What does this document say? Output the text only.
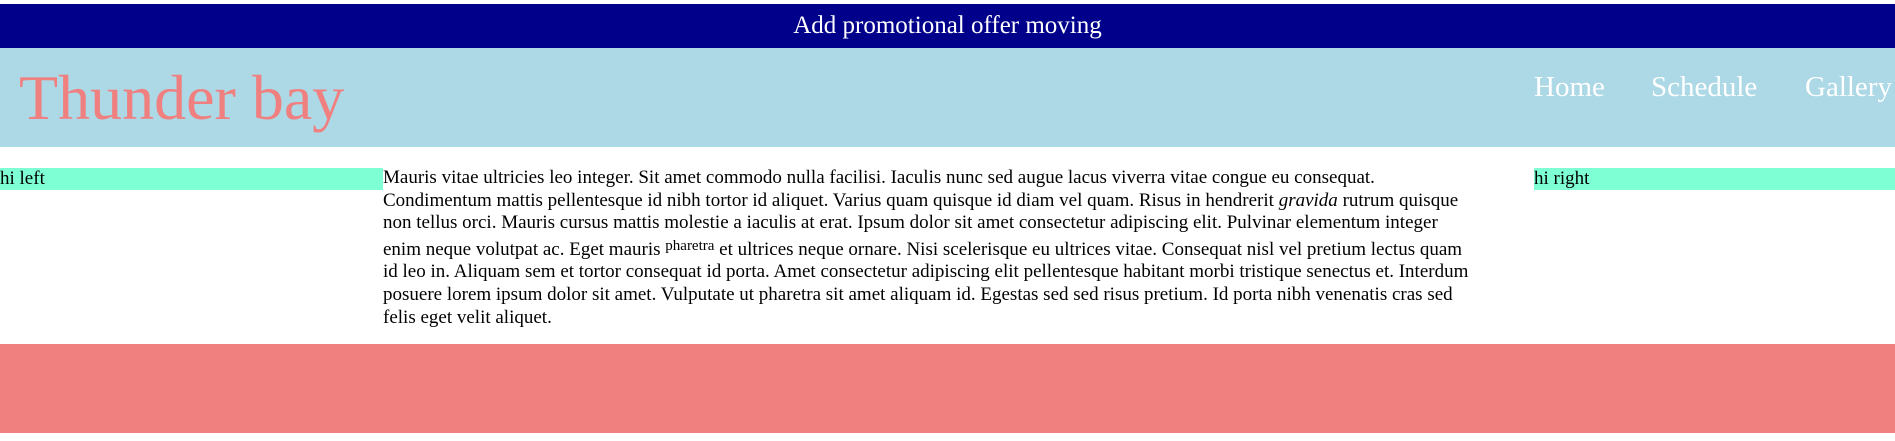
Add promotional offer moving
Thunder bay	Home Schedule Gallery
hi left	Mauris vitae ultricies leo integer. Sit amet commodo nulla facilisi. Iaculis nunc sed augue lacus viverra vitae congue eu consequat.
Condimentum mattis pellentesque id nibh tortor id aliquet. Varius quam quisque id diam vel quam. Risus in hendrerit gravida rutrum quisque
non tellus orci. Mauris cursus mattis molestie a iaculis at erat. Ipsum dolor sit amet consectetur adipiscing elit. Pulvinar elementum integer
enim neque volutpat ac. Eget mauris $^{pharetra}$ et ultrices neque ornare. Nisi scelerisque eu ultrices vitae. Consequat nisl vel pretium lectus quam
id leo in. Aliquam sem et tortor consequat id porta. Amet consectetur adipiscing elit pellentesque habitant morbi tristique senectus et. Interdum
posuere lorem ipsum dolor sit amet. Vulputate ut pharetra sit amet aliquam id. Egestas sed sed risus pretium. Id porta nibh venenatis cras sed
felis eget velit aliquet.
hi right
